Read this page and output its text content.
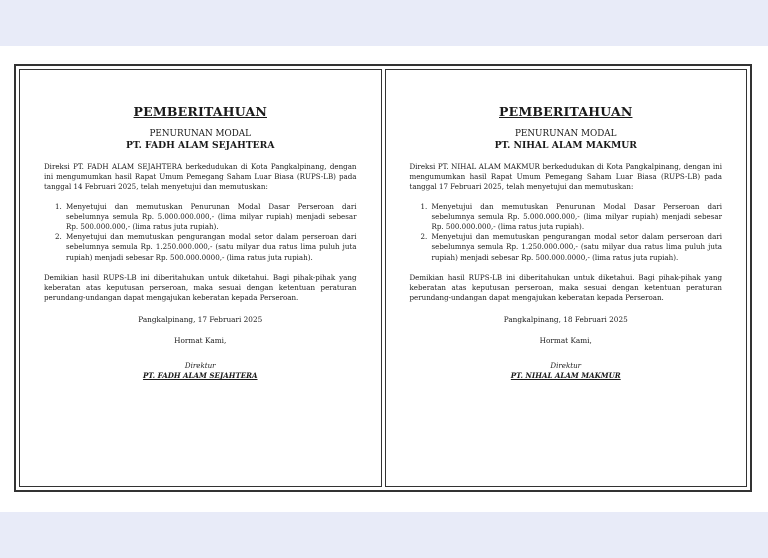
PEMBERITAHUAN

PENURUNAN MODAL

PT. FADH ALAM SEJAHTERA

Direksi PT. FADH ALAM SEJAHTERA berkedudukan di Kota Pangkalpinang, dengan ini mengumumkan hasil Rapat Umum Pemegang Saham Luar Biasa (RUPS-LB) pada tanggal 14 Februari 2025, telah menyetujui dan memutuskan:

1. Menyetujui dan memutuskan Penurunan Modal Dasar Perseroan dari sebelumnya semula Rp. 5.000.000.000,- (lima milyar rupiah) menjadi sebesar Rp. 500.000.000,- (lima ratus juta rupiah).
2. Menyetujui dan memutuskan pengurangan modal setor dalam perseroan dari sebelumnya semula Rp. 1.250.000.000,- (satu milyar dua ratus lima puluh juta rupiah) menjadi sebesar Rp. 500.000.0000,- (lima ratus juta rupiah).

Demikian hasil RUPS-LB ini diberitahukan untuk diketahui. Bagi pihak-pihak yang keberatan atas keputusan perseroan, maka sesuai dengan ketentuan peraturan perundang-undangan dapat mengajukan keberatan kepada Perseroan.

Pangkalpinang, 17 Februari 2025

Hormat Kami,

Direktur

PT. FADH ALAM SEJAHTERA

PEMBERITAHUAN

PENURUNAN MODAL

PT. NIHAL ALAM MAKMUR

Direksi PT. NIHAL ALAM MAKMUR berkedudukan di Kota Pangkalpinang, dengan ini mengumumkan hasil Rapat Umum Pemegang Saham Luar Biasa (RUPS-LB) pada tanggal 17 Februari 2025, telah menyetujui dan memutuskan:

1. Menyetujui dan memutuskan Penurunan Modal Dasar Perseroan dari sebelumnya semula Rp. 5.000.000.000,- (lima milyar rupiah) menjadi sebesar Rp. 500.000.000,- (lima ratus juta rupiah).
2. Menyetujui dan memutuskan pengurangan modal setor dalam perseroan dari sebelumnya semula Rp. 1.250.000.000,- (satu milyar dua ratus lima puluh juta rupiah) menjadi sebesar Rp. 500.000.0000,- (lima ratus juta rupiah).

Demikian hasil RUPS-LB ini diberitahukan untuk diketahui. Bagi pihak-pihak yang keberatan atas keputusan perseroan, maka sesuai dengan ketentuan peraturan perundang-undangan dapat mengajukan keberatan kepada Perseroan.

Pangkalpinang, 18 Februari 2025

Hormat Kami,

Direktur

PT. NIHAL ALAM MAKMUR
